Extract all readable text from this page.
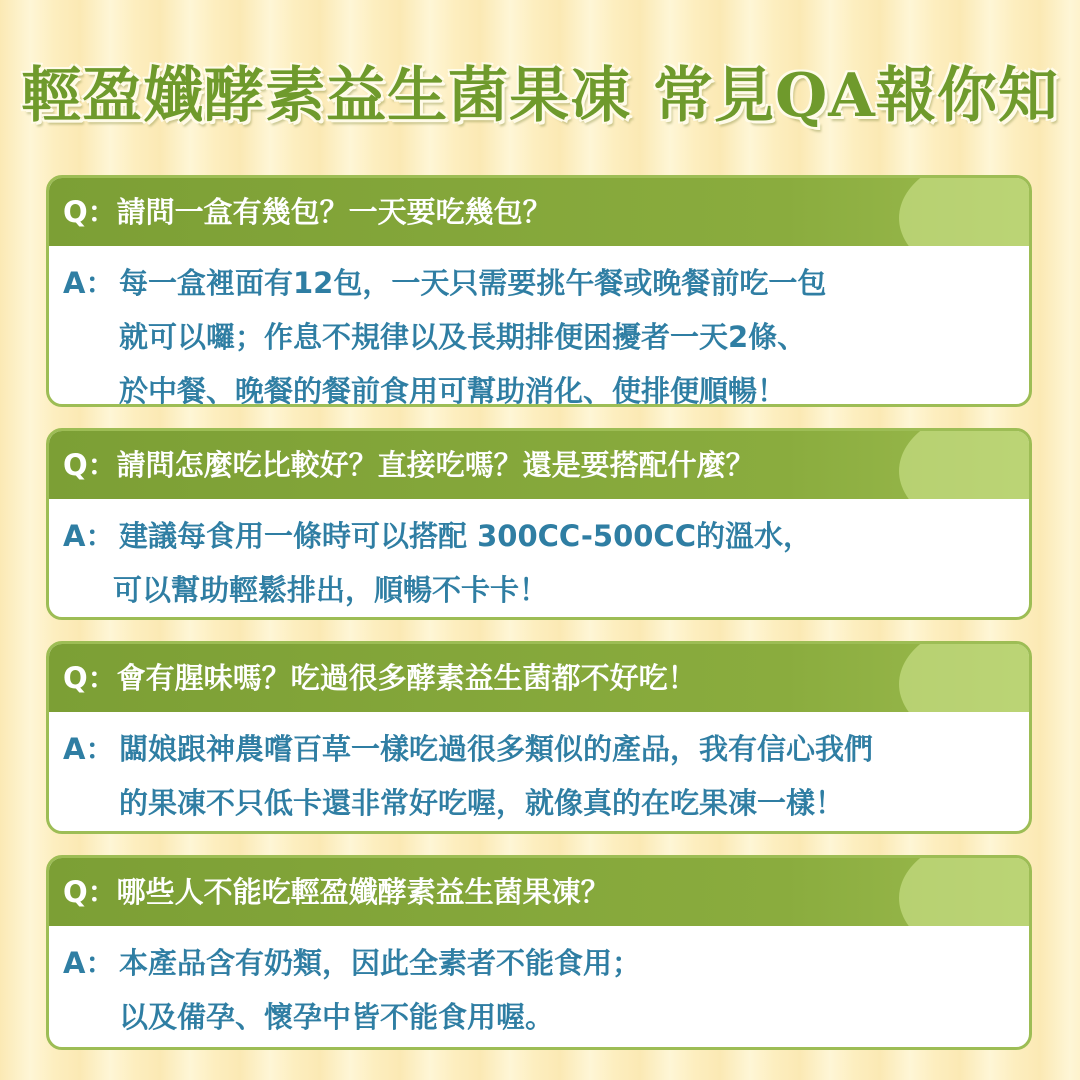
輕盈孅酵素益生菌果凍 常見QA報你知
Q：請問一盒有幾包？一天要吃幾包？
A： 每一盒裡面有12包，一天只需要挑午餐或晚餐前吃一包
就可以囉；作息不規律以及長期排便困擾者一天2條、
於中餐、晚餐的餐前食用可幫助消化、使排便順暢！
Q：請問怎麼吃比較好？直接吃嗎？還是要搭配什麼？
A： 建議每食用一條時可以搭配 300CC-500CC的溫水，
可以幫助輕鬆排出，順暢不卡卡！
Q：會有腥味嗎？吃過很多酵素益生菌都不好吃！
A： 闆娘跟神農嚐百草一樣吃過很多類似的產品，我有信心我們
的果凍不只低卡還非常好吃喔，就像真的在吃果凍一樣！
Q：哪些人不能吃輕盈孅酵素益生菌果凍？
A： 本產品含有奶類，因此全素者不能食用；
以及備孕、懷孕中皆不能食用喔。
